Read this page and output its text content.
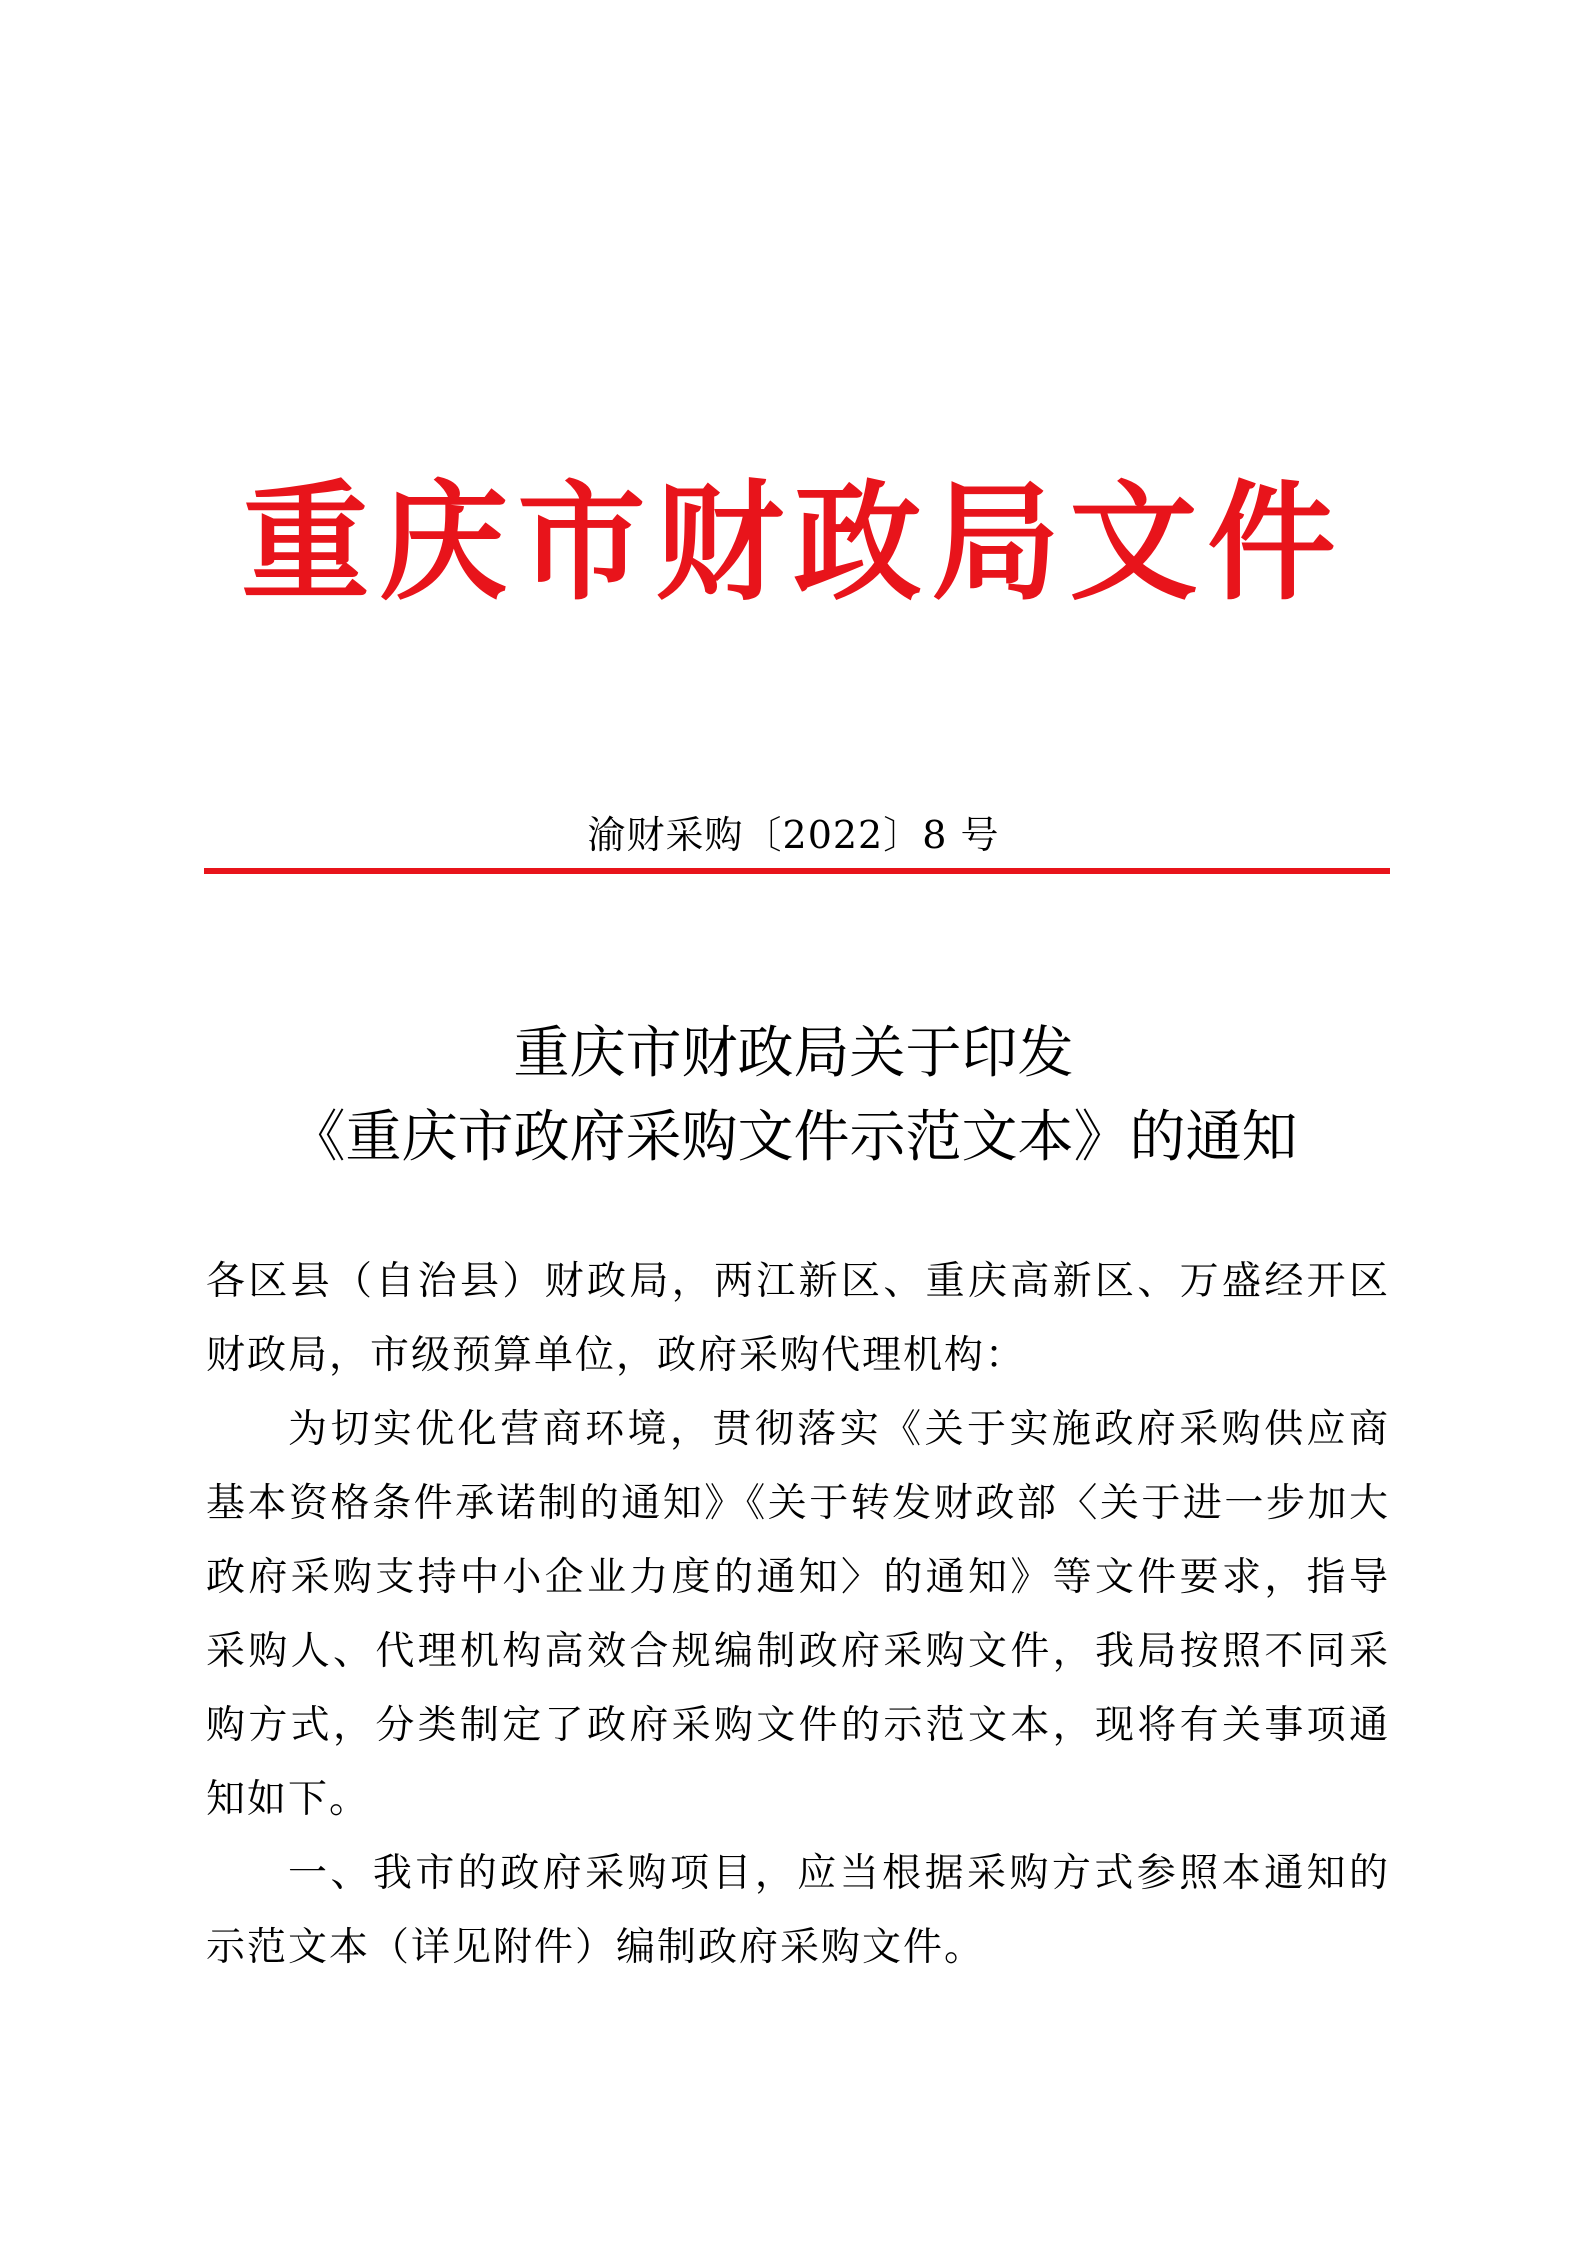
重庆市财政局文件
渝财采购〔2022〕8 号
重庆市财政局关于印发
《重庆市政府采购文件示范文本》的通知

各区县（自治县）财政局，两江新区、重庆高新区、万盛经开区财政局，市级预算单位，政府采购代理机构：

为切实优化营商环境，贯彻落实《关于实施政府采购供应商基本资格条件承诺制的通知》《关于转发财政部〈关于进一步加大政府采购支持中小企业力度的通知〉的通知》等文件要求，指导采购人、代理机构高效合规编制政府采购文件，我局按照不同采购方式，分类制定了政府采购文件的示范文本，现将有关事项通知如下。

一、我市的政府采购项目，应当根据采购方式参照本通知的示范文本（详见附件）编制政府采购文件。
